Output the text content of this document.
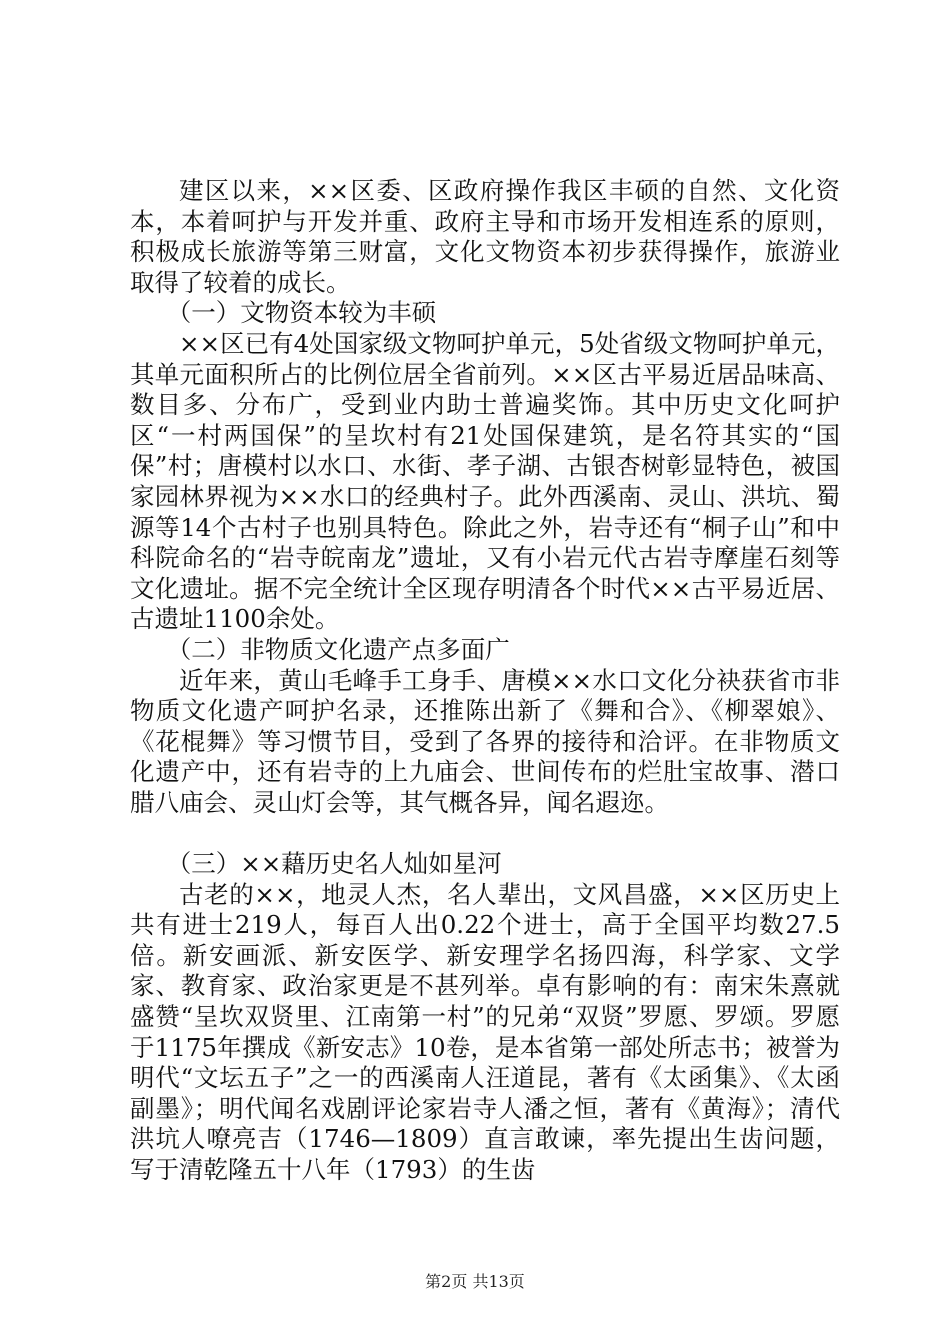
建区以来，××区委、区政府操作我区丰硕的自然、文化资本，本着呵护与开发并重、政府主导和市场开发相连系的原则，积极成长旅游等第三财富，文化文物资本初步获得操作，旅游业取得了较着的成长。

（一）文物资本较为丰硕

××区已有4处国家级文物呵护单元，5处省级文物呵护单元，其单元面积所占的比例位居全省前列。××区古平易近居品味高、数目多、分布广，受到业内助士普遍奖饰。其中历史文化呵护区“一村两国保”的呈坎村有21处国保建筑，是名符其实的“国保”村；唐模村以水口、水街、孝子湖、古银杏树彰显特色，被国家园林界视为××水口的经典村子。此外西溪南、灵山、洪坑、蜀源等14个古村子也别具特色。除此之外，岩寺还有“桐子山”和中科院命名的“岩寺皖南龙”遗址，又有小岩元代古岩寺摩崖石刻等文化遗址。据不完全统计全区现存明清各个时代××古平易近居、古遗址1100余处。

（二）非物质文化遗产点多面广

近年来，黄山毛峰手工身手、唐模××水口文化分袂获省市非物质文化遗产呵护名录，还推陈出新了《舞和合》、《柳翠娘》、《花棍舞》等习惯节目，受到了各界的接待和洽评。在非物质文化遗产中，还有岩寺的上九庙会、世间传布的烂肚宝故事、潜口腊八庙会、灵山灯会等，其气概各异，闻名遐迩。

（三）××藉历史名人灿如星河

古老的××，地灵人杰，名人辈出，文风昌盛，××区历史上共有进士219人，每百人出0.22个进士，高于全国平均数27.5倍。新安画派、新安医学、新安理学名扬四海，科学家、文学家、教育家、政治家更是不甚列举。卓有影响的有：南宋朱熹就盛赞“呈坎双贤里、江南第一村”的兄弟“双贤”罗愿、罗颂。罗愿于1175年撰成《新安志》10卷，是本省第一部处所志书；被誉为明代“文坛五子”之一的西溪南人汪道昆，著有《太函集》、《太函副墨》；明代闻名戏剧评论家岩寺人潘之恒，著有《黄海》；清代洪坑人嘹亮吉（1746—1809）直言敢谏，率先提出生齿问题，写于清乾隆五十八年（1793）的生齿

第2页 共13页
